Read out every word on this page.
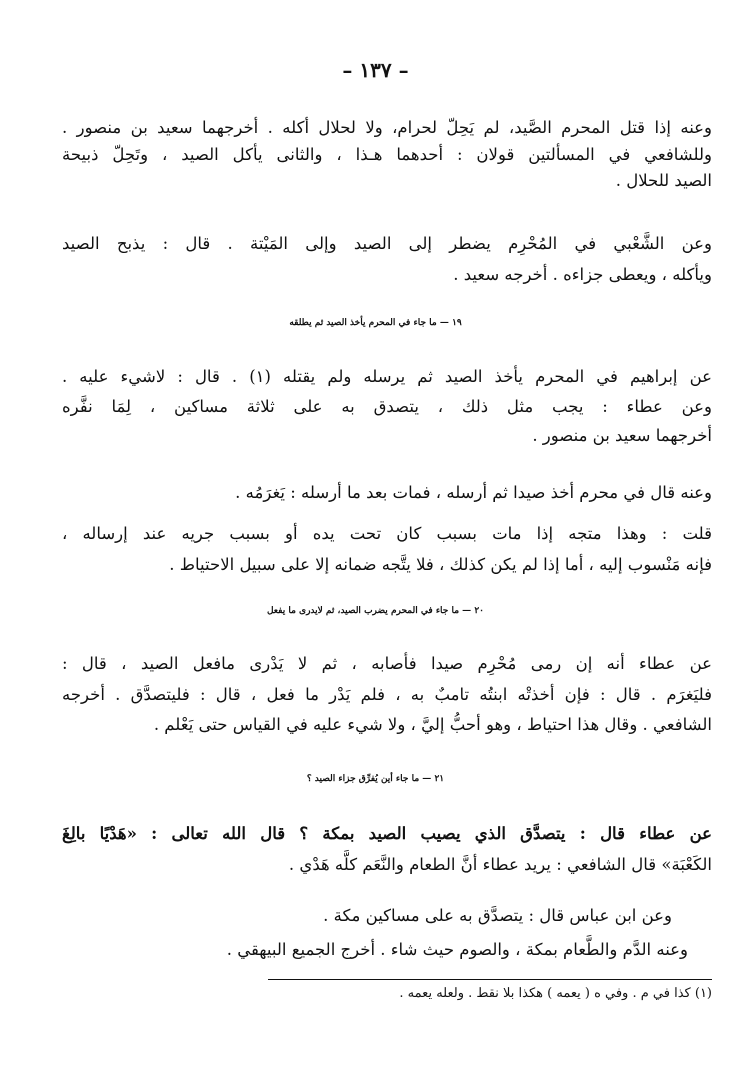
– ١٣٧ –
وعنه إذا قتل المحرم الصَّيد، لم يَحِلّ لحرام، ولا لحلال أكله . أخرجهما سعيد بن منصور .
وللشافعي في المسألتين قولان : أحدهما هـذا ، والثانى يأكل الصيد ، وتَحِلّ ذبيحة
الصيد للحلال .
وعن الشَّعْبي في المُحْرِم يضطر إلى الصيد وإلى المَيْتة . قال : يذبح الصيد
ويأكله ، ويعطى جزاءه . أخرجه سعيد .
١٩ — ما جاء في المحرم يأخذ الصيد ثم يطلقه
عن إبراهيم في المحرم يأخذ الصيد ثم يرسله ولم يقتله (١) . قال : لاشيء عليه .
وعن عطاء : يجب مثل ذلك ، يتصدق به على ثلاثة مساكين ، لِمَا نفَّره
أخرجهما سعيد بن منصور .
وعنه قال في محرم أخذ صيدا ثم أرسله ، فمات بعد ما أرسله : يَغرَمُه .
قلت : وهذا متجه إذا مات بسبب كان تحت يده أو بسبب جريه عند إرساله ،
فإنه مَنْسوب إليه ، أما إذا لم يكن كذلك ، فلا يتَّجه ضمانه إلا على سبيل الاحتياط .
٢٠ — ما جاء في المحرم يضرب الصيد، ثم لايدرى ما يفعل
عن عطاء أنه إن رمى مُحْرِم صيدا فأصابه ، ثم لا يَدْرى مافعل الصيد ، قال :
فليَغرَم . قال : فإن أخذتْه ابنتُه تامبٌ به ، فلم يَدْر ما فعل ، قال : فليتصدَّق . أخرجه
الشافعي . وقال هذا احتياط ، وهو أحبُّ إليَّ ، ولا شيء عليه في القياس حتى يَعْلم .
٢١ — ما جاء أين يُفرِّق جزاء الصيد ؟
عن عطاء قال : يتصدَّق الذي يصيب الصيد بمكة ؟ قال الله تعالى : «هَدْيًا بالِغَ
الكَعْبَة» قال الشافعي : يريد عطاء أنَّ الطعام والنَّعَم كلَّه هَدْي .
وعن ابن عباس قال : يتصدَّق به على مساكين مكة .
وعنه الدَّم والطَّعام بمكة ، والصوم حيث شاء . أخرج الجميع البيهقي .
(١) كذا في م . وفي ه ( يعمه ) هكذا بلا نقط . ولعله يعمه .
